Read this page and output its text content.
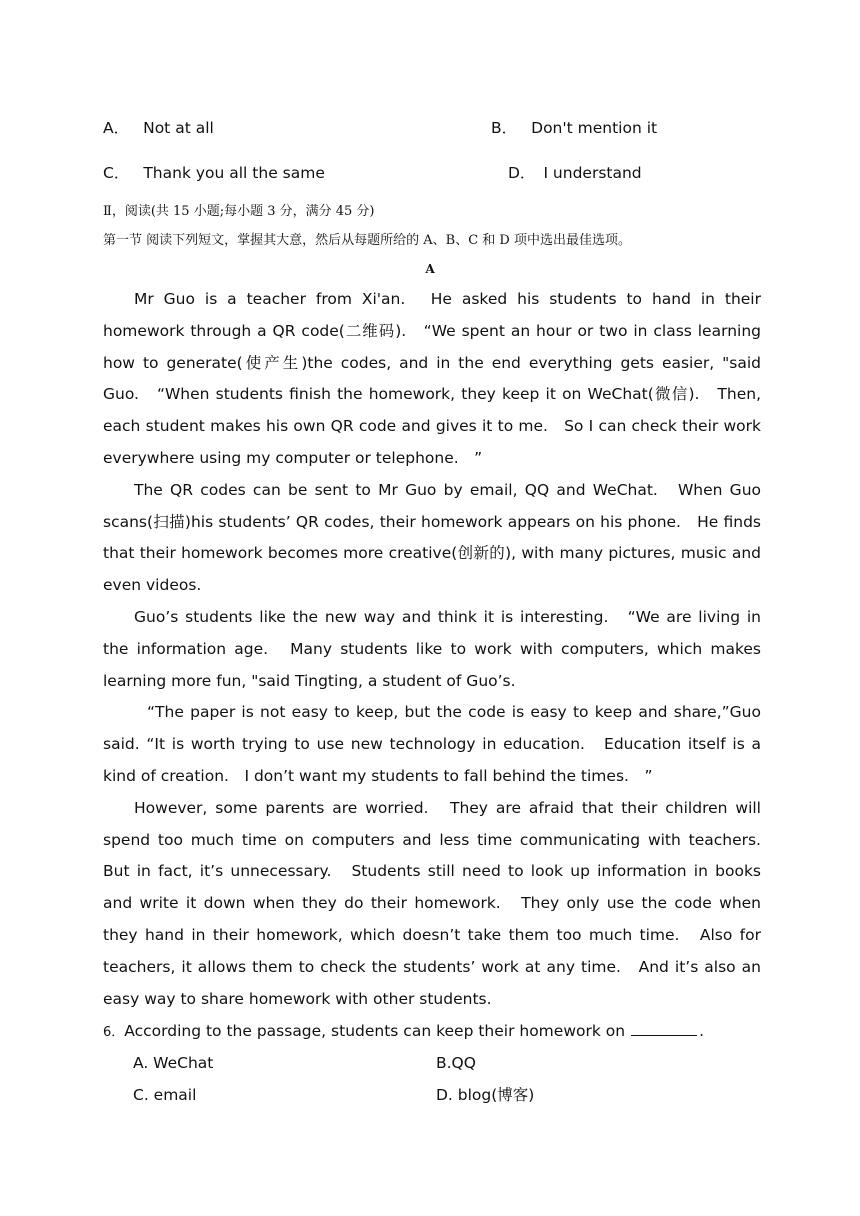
A． Not at all	B． Don't mention it
C． Thank you all the same	D． I understand
Ⅱ，阅读(共 15 小题;每小题 3 分，满分 45 分)
第一节 阅读下列短文，掌握其大意，然后从每题所给的 A、B、C 和 D 项中选出最佳选项。
A

Mr Guo is a teacher from Xi'an.　He asked his students to hand in their homework through a QR code(二维码).　“We spent an hour or two in class learning how to generate(使产生)the codes, and in the end everything gets easier, "said Guo.　“When students finish the homework, they keep it on WeChat(微信).　Then, each student makes his own QR code and gives it to me.　So I can check their work everywhere using my computer or telephone.　”

The QR codes can be sent to Mr Guo by email, QQ and WeChat.　When Guo scans(扫描)his students’ QR codes, their homework appears on his phone.　He finds that their homework becomes more creative(创新的), with many pictures, music and even videos.

Guo’s students like the new way and think it is interesting.　“We are living in the information age.　Many students like to work with computers, which makes learning more fun, "said Tingting, a student of Guo’s.

“The paper is not easy to keep, but the code is easy to keep and share,”Guo said. “It is worth trying to use new technology in education.　Education itself is a kind of creation.　I don’t want my students to fall behind the times.　”

However, some parents are worried.　They are afraid that their children will spend too much time on computers and less time communicating with teachers.　But in fact, it’s unnecessary.　Students still need to look up information in books and write it down when they do their homework.　They only use the code when they hand in their homework, which doesn’t take them too much time.　Also for teachers, it allows them to check the students’ work at any time.　And it’s also an easy way to share homework with other students.

6．According to the passage, students can keep their homework on	.
A. WeChat	B.QQ
C. email	D. blog(博客)
